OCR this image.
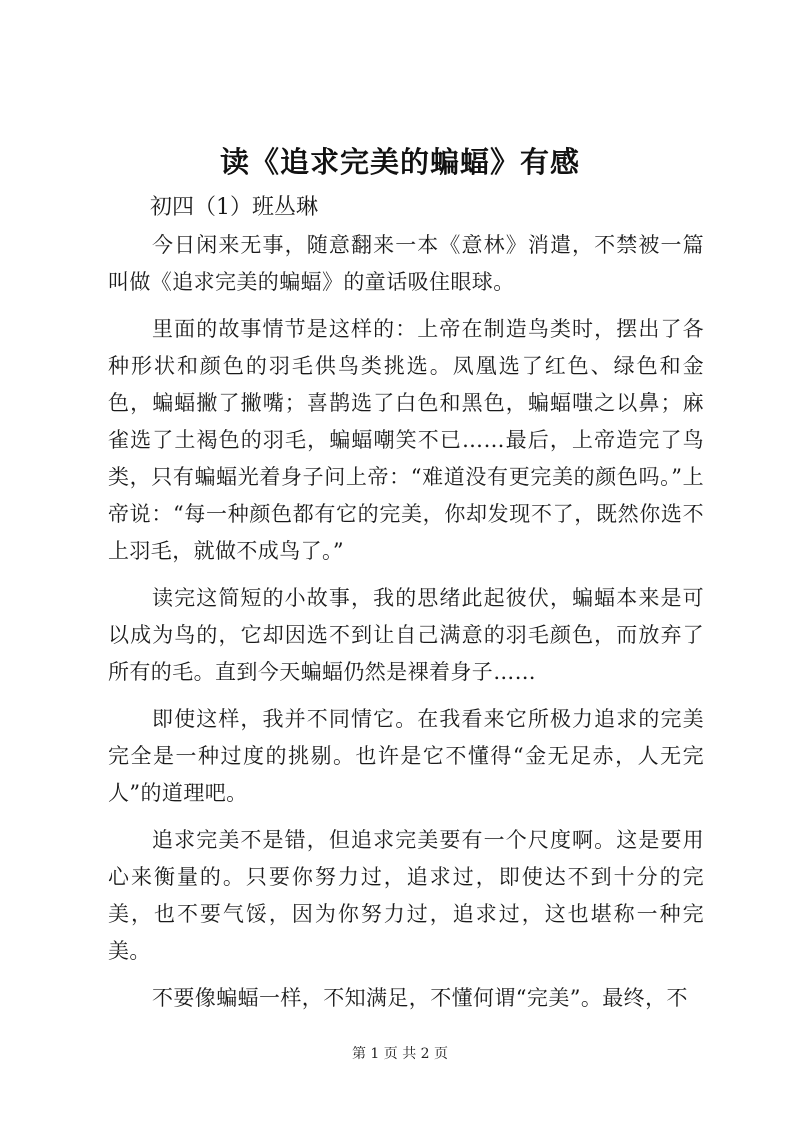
读《追求完美的蝙蝠》有感
初四（1）班丛琳

今日闲来无事，随意翻来一本《意林》消遣，不禁被一篇叫做《追求完美的蝙蝠》的童话吸住眼球。

里面的故事情节是这样的：上帝在制造鸟类时，摆出了各种形状和颜色的羽毛供鸟类挑选。凤凰选了红色、绿色和金色，蝙蝠撇了撇嘴；喜鹊选了白色和黑色，蝙蝠嗤之以鼻；麻雀选了土褐色的羽毛，蝙蝠嘲笑不已……最后，上帝造完了鸟类，只有蝙蝠光着身子问上帝：“难道没有更完美的颜色吗。”上帝说：“每一种颜色都有它的完美，你却发现不了，既然你选不上羽毛，就做不成鸟了。”

读完这简短的小故事，我的思绪此起彼伏，蝙蝠本来是可以成为鸟的，它却因选不到让自己满意的羽毛颜色，而放弃了所有的毛。直到今天蝙蝠仍然是裸着身子……

即使这样，我并不同情它。在我看来它所极力追求的完美完全是一种过度的挑剔。也许是它不懂得“金无足赤，人无完人”的道理吧。

追求完美不是错，但追求完美要有一个尺度啊。这是要用心来衡量的。只要你努力过，追求过，即使达不到十分的完美，也不要气馁，因为你努力过，追求过，这也堪称一种完美。

不要像蝙蝠一样，不知满足，不懂何谓“完美”。最终，不

第 1 页 共 2 页
